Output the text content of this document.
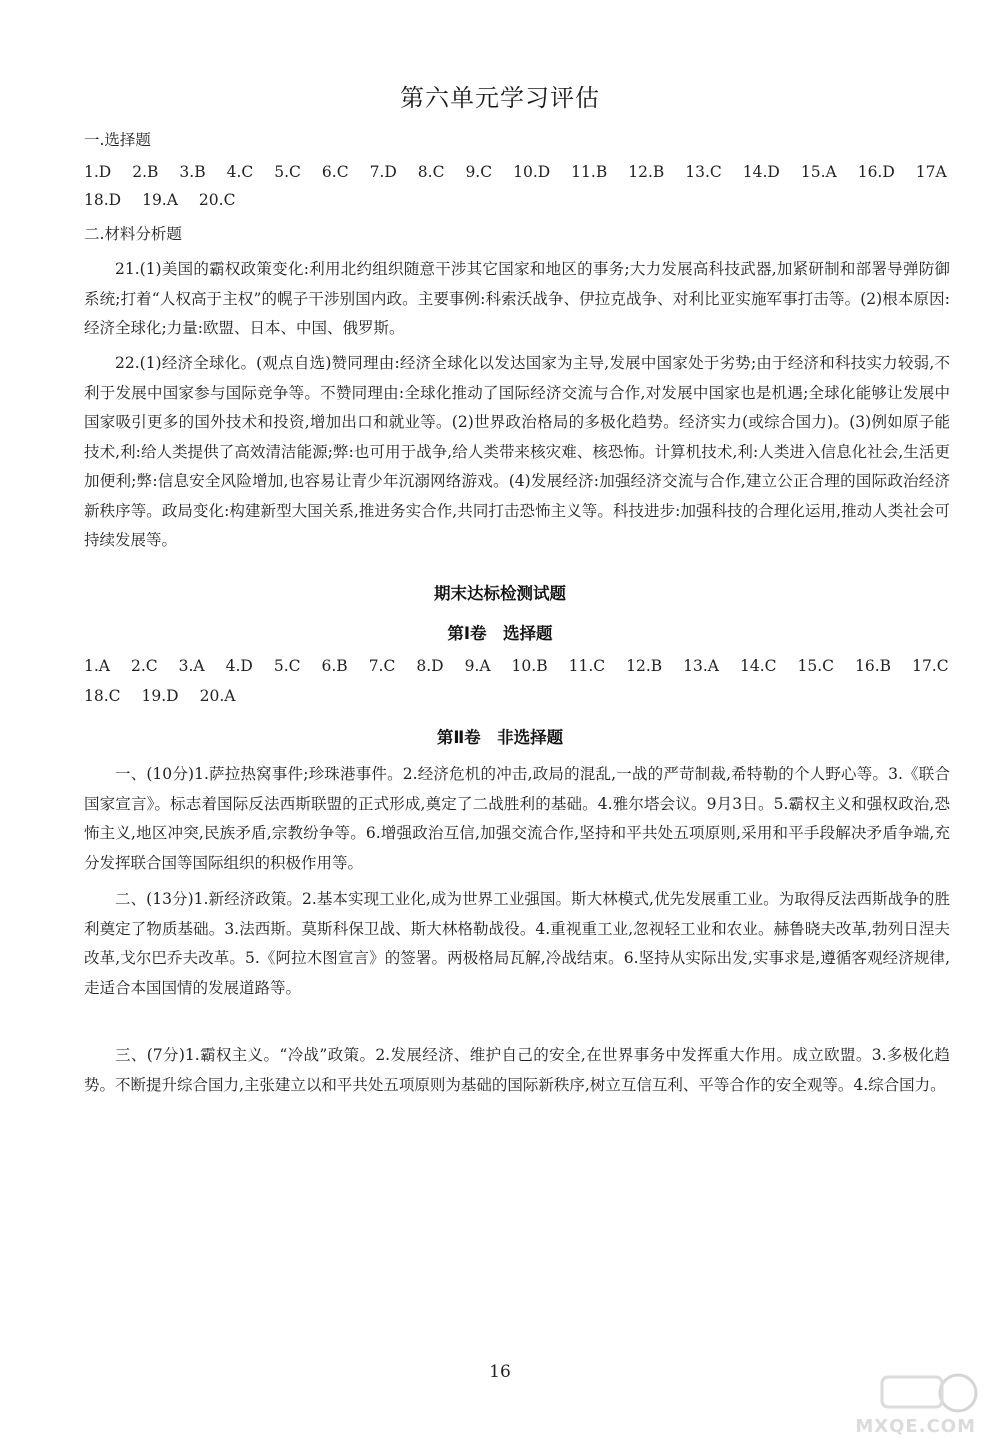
第六单元学习评估
一.选择题
1.D 2.B 3.B 4.C 5.C 6.C 7.D 8.C 9.C 10.D 11.B 12.B 13.C 14.D 15.A 16.D 17A
18.D 19.A 20.C
二.材料分析题
21.(1)美国的霸权政策变化:利用北约组织随意干涉其它国家和地区的事务;大力发展高科技武器,加紧研制和部署导弹防御系统;打着“人权高于主权”的幌子干涉别国内政。主要事例:科索沃战争、伊拉克战争、对利比亚实施军事打击等。(2)根本原因:经济全球化;力量:欧盟、日本、中国、俄罗斯。
22.(1)经济全球化。(观点自选)赞同理由:经济全球化以发达国家为主导,发展中国家处于劣势;由于经济和科技实力较弱,不利于发展中国家参与国际竞争等。不赞同理由:全球化推动了国际经济交流与合作,对发展中国家也是机遇;全球化能够让发展中国家吸引更多的国外技术和投资,增加出口和就业等。(2)世界政治格局的多极化趋势。经济实力(或综合国力)。(3)例如原子能技术,利:给人类提供了高效清洁能源;弊:也可用于战争,给人类带来核灾难、核恐怖。计算机技术,利:人类进入信息化社会,生活更加便利;弊:信息安全风险增加,也容易让青少年沉溺网络游戏。(4)发展经济:加强经济交流与合作,建立公正合理的国际政治经济新秩序等。政局变化:构建新型大国关系,推进务实合作,共同打击恐怖主义等。科技进步:加强科技的合理化运用,推动人类社会可持续发展等。
期末达标检测试题
第Ⅰ卷　选择题
1.A 2.C 3.A 4.D 5.C 6.B 7.C 8.D 9.A 10.B 11.C 12.B 13.A 14.C 15.C 16.B 17.C
18.C 19.D 20.A
第Ⅱ卷　非选择题
一、(10分)1.萨拉热窝事件;珍珠港事件。2.经济危机的冲击,政局的混乱,一战的严苛制裁,希特勒的个人野心等。3.《联合国家宣言》。标志着国际反法西斯联盟的正式形成,奠定了二战胜利的基础。4.雅尔塔会议。9月3日。5.霸权主义和强权政治,恐怖主义,地区冲突,民族矛盾,宗教纷争等。6.增强政治互信,加强交流合作,坚持和平共处五项原则,采用和平手段解决矛盾争端,充分发挥联合国等国际组织的积极作用等。
二、(13分)1.新经济政策。2.基本实现工业化,成为世界工业强国。斯大林模式,优先发展重工业。为取得反法西斯战争的胜利奠定了物质基础。3.法西斯。莫斯科保卫战、斯大林格勒战役。4.重视重工业,忽视轻工业和农业。赫鲁晓夫改革,勃列日涅夫改革,戈尔巴乔夫改革。5.《阿拉木图宣言》的签署。两极格局瓦解,冷战结束。6.坚持从实际出发,实事求是,遵循客观经济规律,走适合本国国情的发展道路等。
三、(7分)1.霸权主义。“冷战”政策。2.发展经济、维护自己的安全,在世界事务中发挥重大作用。成立欧盟。3.多极化趋势。不断提升综合国力,主张建立以和平共处五项原则为基础的国际新秩序,树立互信互利、平等合作的安全观等。4.综合国力。
16
MXQE.COM
